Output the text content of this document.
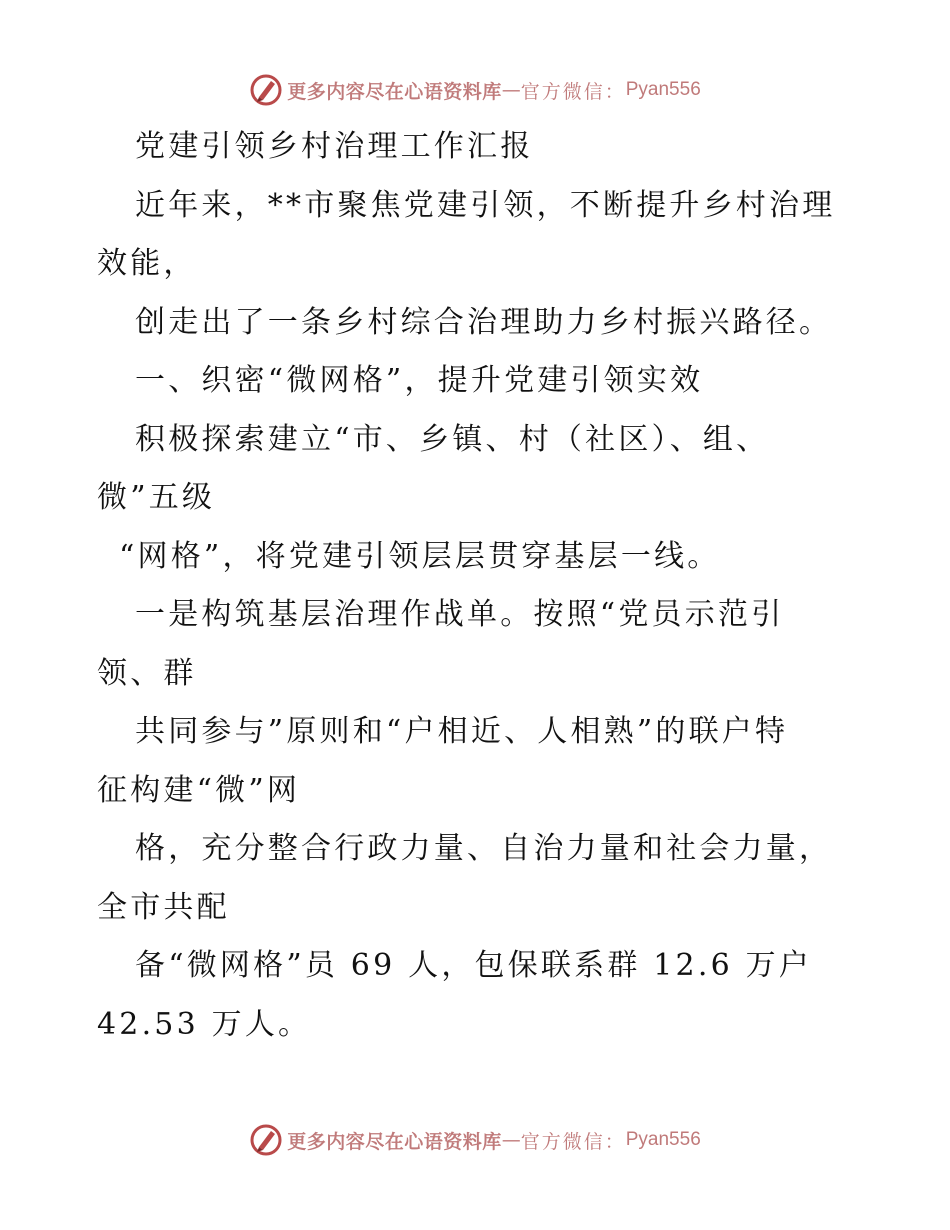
更多内容尽在心语资料库 — 官方微信： Pyan556
党建引领乡村治理工作汇报
近年来，**市聚焦党建引领，不断提升乡村治理
效能，
创走出了一条乡村综合治理助力乡村振兴路径。
一、织密“微网格”，提升党建引领实效
积极探索建立“市、乡镇、村（社区）、组、
微”五级
“网格”，将党建引领层层贯穿基层一线。
一是构筑基层治理作战单。按照“党员示范引
领、群
共同参与”原则和“户相近、人相熟”的联户特
征构建“微”网
格，充分整合行政力量、自治力量和社会力量，
全市共配
备“微网格”员 69 人，包保联系群 12.6 万户
42.53 万人。
更多内容尽在心语资料库 — 官方微信： Pyan556
